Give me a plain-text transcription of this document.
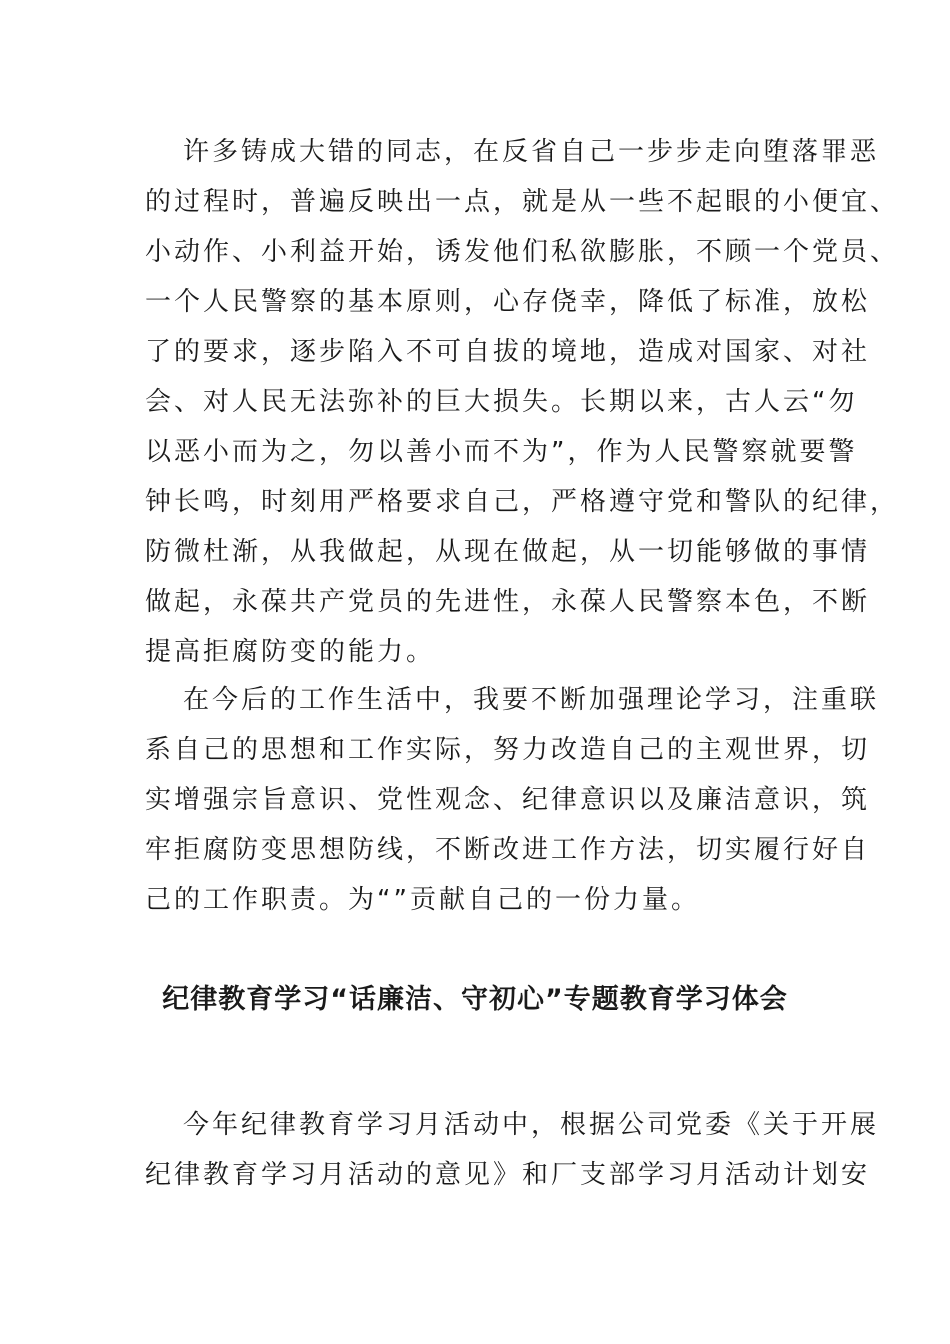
许多铸成大错的同志，在反省自己一步步走向堕落罪恶
的过程时，普遍反映出一点，就是从一些不起眼的小便宜、
小动作、小利益开始，诱发他们私欲膨胀，不顾一个党员、
一个人民警察的基本原则，心存侥幸，降低了标准，放松
了的要求，逐步陷入不可自拔的境地，造成对国家、对社
会、对人民无法弥补的巨大损失。长期以来，古人云“勿
以恶小而为之，勿以善小而不为”，作为人民警察就要警
钟长鸣，时刻用严格要求自己，严格遵守党和警队的纪律，
防微杜渐，从我做起，从现在做起，从一切能够做的事情
做起，永葆共产党员的先进性，永葆人民警察本色，不断
提高拒腐防变的能力。
在今后的工作生活中，我要不断加强理论学习，注重联
系自己的思想和工作实际，努力改造自己的主观世界，切
实增强宗旨意识、党性观念、纪律意识以及廉洁意识，筑
牢拒腐防变思想防线，不断改进工作方法，切实履行好自
己的工作职责。为“”贡献自己的一份力量。
纪律教育学习“话廉洁、守初心”专题教育学习体会
今年纪律教育学习月活动中，根据公司党委《关于开展
纪律教育学习月活动的意见》和厂支部学习月活动计划安
